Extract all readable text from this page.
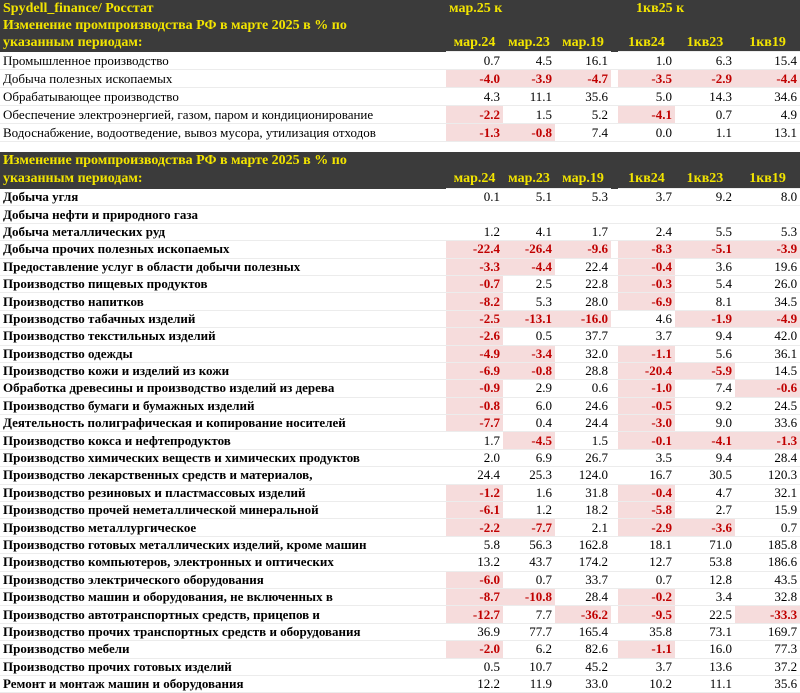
Spydell_finance/ Росстат	мар.25 к				1кв25 к		
Изменение промпроизводства РФ в марте 2025 в % по							
указанным периодам:	мар.24	мар.23	мар.19		1кв24	1кв23	1кв19
Промышленное производство	0.7	4.5	16.1		1.0	6.3	15.4
Добыча полезных ископаемых	-4.0	-3.9	-4.7		-3.5	-2.9	-4.4
Обрабатывающее производство	4.3	11.1	35.6		5.0	14.3	34.6
Обеспечение электроэнергией, газом, паром и кондиционирование	-2.2	1.5	5.2		-4.1	0.7	4.9
Водоснабжение, водоотведение, вывоз мусора, утилизация отходов	-1.3	-0.8	7.4		0.0	1.1	13.1
Изменение промпроизводства РФ в марте 2025 в % по							
указанным периодам:	мар.24	мар.23	мар.19		1кв24	1кв23	1кв19
Добыча угля	0.1	5.1	5.3		3.7	9.2	8.0
Добыча нефти и природного газа							
Добыча металлических руд	1.2	4.1	1.7		2.4	5.5	5.3
Добыча прочих полезных ископаемых	-22.4	-26.4	-9.6		-8.3	-5.1	-3.9
Предоставление услуг в области добычи полезных	-3.3	-4.4	22.4		-0.4	3.6	19.6
Производство пищевых продуктов	-0.7	2.5	22.8		-0.3	5.4	26.0
Производство напитков	-8.2	5.3	28.0		-6.9	8.1	34.5
Производство табачных изделий	-2.5	-13.1	-16.0		4.6	-1.9	-4.9
Производство текстильных изделий	-2.6	0.5	37.7		3.7	9.4	42.0
Производство одежды	-4.9	-3.4	32.0		-1.1	5.6	36.1
Производство кожи и изделий из кожи	-6.9	-0.8	28.8		-20.4	-5.9	14.5
Обработка древесины и производство изделий из дерева	-0.9	2.9	0.6		-1.0	7.4	-0.6
Производство бумаги и бумажных изделий	-0.8	6.0	24.6		-0.5	9.2	24.5
Деятельность полиграфическая и копирование носителей	-7.7	0.4	24.4		-3.0	9.0	33.6
Производство кокса и нефтепродуктов	1.7	-4.5	1.5		-0.1	-4.1	-1.3
Производство химических веществ и химических продуктов	2.0	6.9	26.7		3.5	9.4	28.4
Производство лекарственных средств и материалов,	24.4	25.3	124.0		16.7	30.5	120.3
Производство резиновых и пластмассовых изделий	-1.2	1.6	31.8		-0.4	4.7	32.1
Производство прочей неметаллической минеральной	-6.1	1.2	18.2		-5.8	2.7	15.9
Производство металлургическое	-2.2	-7.7	2.1		-2.9	-3.6	0.7
Производство готовых металлических изделий, кроме машин	5.8	56.3	162.8		18.1	71.0	185.8
Производство компьютеров, электронных и оптических	13.2	43.7	174.2		12.7	53.8	186.6
Производство электрического оборудования	-6.0	0.7	33.7		0.7	12.8	43.5
Производство машин и оборудования, не включенных в	-8.7	-10.8	28.4		-0.2	3.4	32.8
Производство автотранспортных средств, прицепов и	-12.7	7.7	-36.2		-9.5	22.5	-33.3
Производство прочих транспортных средств и оборудования	36.9	77.7	165.4		35.8	73.1	169.7
Производство мебели	-2.0	6.2	82.6		-1.1	16.0	77.3
Производство прочих готовых изделий	0.5	10.7	45.2		3.7	13.6	37.2
Ремонт и монтаж машин и оборудования	12.2	11.9	33.0		10.2	11.1	35.6
